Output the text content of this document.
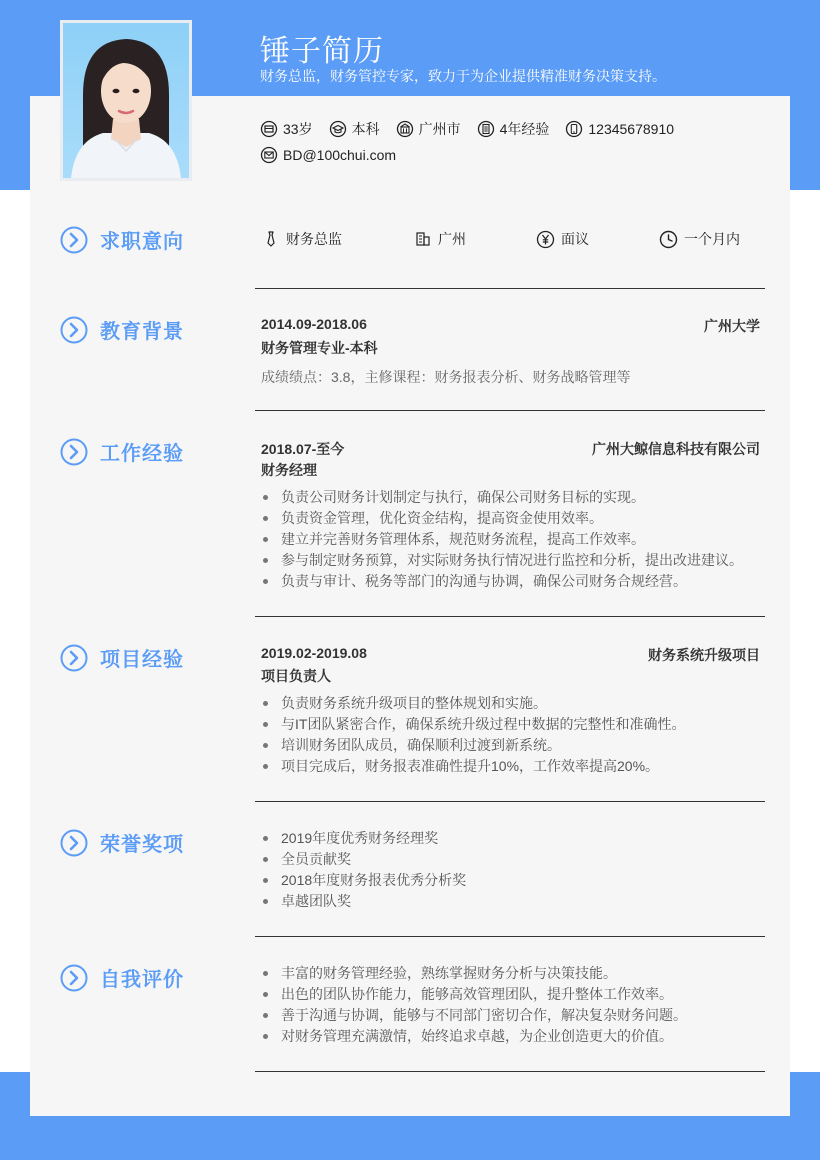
锤子简历
财务总监，财务管控专家，致力于为企业提供精准财务决策支持。
33岁	本科	广州市	4年经验	12345678910
BD@100chui.com
求职意向	财务总监	广州	面议	一个月内
教育背景	2014.09-2018.06	广州大学
财务管理专业-本科
成绩绩点：3.8，主修课程：财务报表分析、财务战略管理等
工作经验	2018.07-至今	广州大鲸信息科技有限公司
财务经理
负责公司财务计划制定与执行，确保公司财务目标的实现。
负责资金管理，优化资金结构，提高资金使用效率。
建立并完善财务管理体系，规范财务流程，提高工作效率。
参与制定财务预算，对实际财务执行情况进行监控和分析，提出改进建议。
负责与审计、税务等部门的沟通与协调，确保公司财务合规经营。
项目经验	2019.02-2019.08	财务系统升级项目
项目负责人
负责财务系统升级项目的整体规划和实施。
与IT团队紧密合作，确保系统升级过程中数据的完整性和准确性。
培训财务团队成员，确保顺利过渡到新系统。
项目完成后，财务报表准确性提升10%，工作效率提高20%。
荣誉奖项	2019年度优秀财务经理奖
全员贡献奖
2018年度财务报表优秀分析奖
卓越团队奖
自我评价	丰富的财务管理经验，熟练掌握财务分析与决策技能。
出色的团队协作能力，能够高效管理团队，提升整体工作效率。
善于沟通与协调，能够与不同部门密切合作，解决复杂财务问题。
对财务管理充满激情，始终追求卓越，为企业创造更大的价值。
